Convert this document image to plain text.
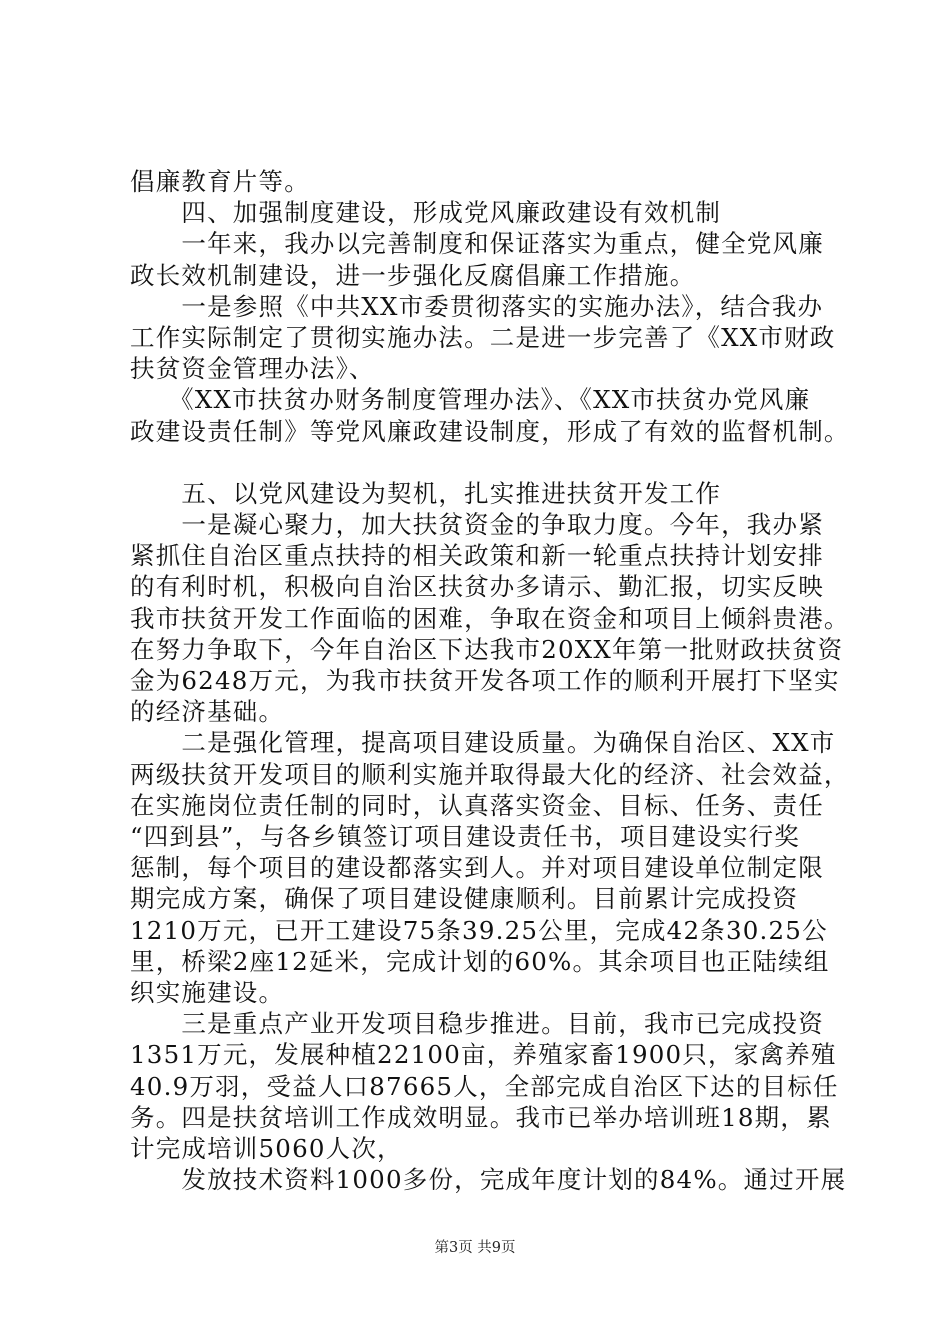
倡廉教育片等。

　　四、加强制度建设，形成党风廉政建设有效机制

　　一年来，我办以完善制度和保证落实为重点，健全党风廉

政长效机制建设，进一步强化反腐倡廉工作措施。

　　一是参照《中共XX市委贯彻落实的实施办法》，结合我办

工作实际制定了贯彻实施办法。二是进一步完善了《XX市财政

扶贫资金管理办法》、

　　《XX市扶贫办财务制度管理办法》、《XX市扶贫办党风廉

政建设责任制》等党风廉政建设制度，形成了有效的监督机制。

　　五、以党风建设为契机，扎实推进扶贫开发工作

　　一是凝心聚力，加大扶贫资金的争取力度。今年，我办紧

紧抓住自治区重点扶持的相关政策和新一轮重点扶持计划安排

的有利时机，积极向自治区扶贫办多请示、勤汇报，切实反映

我市扶贫开发工作面临的困难，争取在资金和项目上倾斜贵港。

在努力争取下，今年自治区下达我市20XX年第一批财政扶贫资

金为6248万元，为我市扶贫开发各项工作的顺利开展打下坚实

的经济基础。

　　二是强化管理，提高项目建设质量。为确保自治区、XX市

两级扶贫开发项目的顺利实施并取得最大化的经济、社会效益，

在实施岗位责任制的同时，认真落实资金、目标、任务、责任

“四到县”，与各乡镇签订项目建设责任书，项目建设实行奖

惩制，每个项目的建设都落实到人。并对项目建设单位制定限

期完成方案，确保了项目建设健康顺利。目前累计完成投资

1210万元，已开工建设75条39.25公里，完成42条30.25公

里，桥梁2座12延米，完成计划的60%。其余项目也正陆续组

织实施建设。

　　三是重点产业开发项目稳步推进。目前，我市已完成投资

1351万元，发展种植22100亩，养殖家畜1900只，家禽养殖

40.9万羽，受益人口87665人，全部完成自治区下达的目标任

务。四是扶贫培训工作成效明显。我市已举办培训班18期，累

计完成培训5060人次，

　　发放技术资料1000多份，完成年度计划的84%。通过开展

第3页 共9页
